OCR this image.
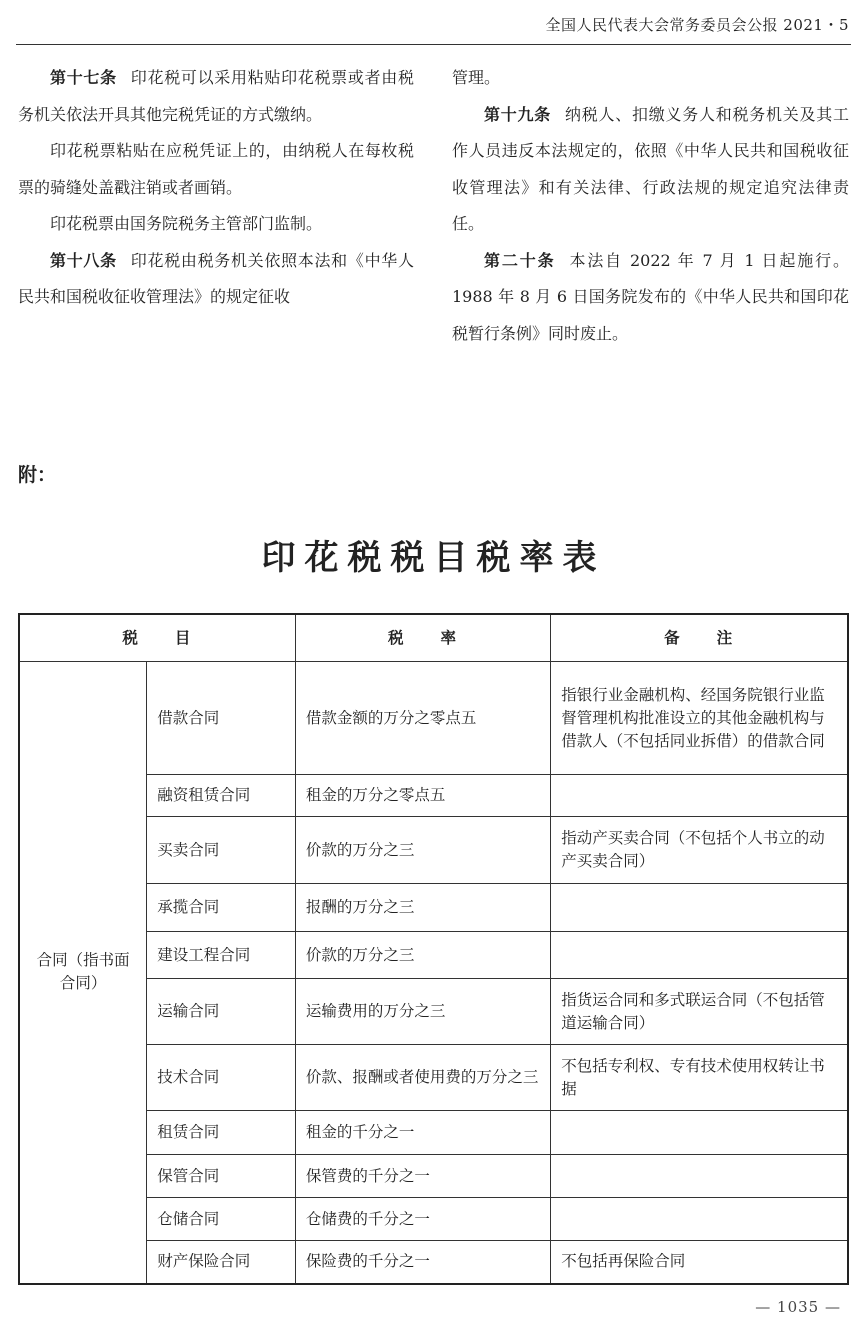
全国人民代表大会常务委员会公报 2021・5

第十七条 印花税可以采用粘贴印花税票或者由税务机关依法开具其他完税凭证的方式缴纳。

印花税票粘贴在应税凭证上的，由纳税人在每枚税票的骑缝处盖戳注销或者画销。

印花税票由国务院税务主管部门监制。

第十八条 印花税由税务机关依照本法和《中华人民共和国税收征收管理法》的规定征收

管理。

第十九条 纳税人、扣缴义务人和税务机关及其工作人员违反本法规定的，依照《中华人民共和国税收征收管理法》和有关法律、行政法规的规定追究法律责任。

第二十条 本法自 2022 年 7 月 1 日起施行。1988 年 8 月 6 日国务院发布的《中华人民共和国印花税暂行条例》同时废止。

附：
印花税税目税率表
税　　目		税　　率	备　　注
合同（指书面合同）	借款合同	借款金额的万分之零点五	指银行业金融机构、经国务院银行业监督管理机构批准设立的其他金融机构与借款人（不包括同业拆借）的借款合同
	融资租赁合同	租金的万分之零点五	
	买卖合同	价款的万分之三	指动产买卖合同（不包括个人书立的动产买卖合同）
	承揽合同	报酬的万分之三	
	建设工程合同	价款的万分之三	
	运输合同	运输费用的万分之三	指货运合同和多式联运合同（不包括管道运输合同）
	技术合同	价款、报酬或者使用费的万分之三	不包括专利权、专有技术使用权转让书据
	租赁合同	租金的千分之一	
	保管合同	保管费的千分之一	
	仓储合同	仓储费的千分之一	
	财产保险合同	保险费的千分之一	不包括再保险合同
— 1035 —
